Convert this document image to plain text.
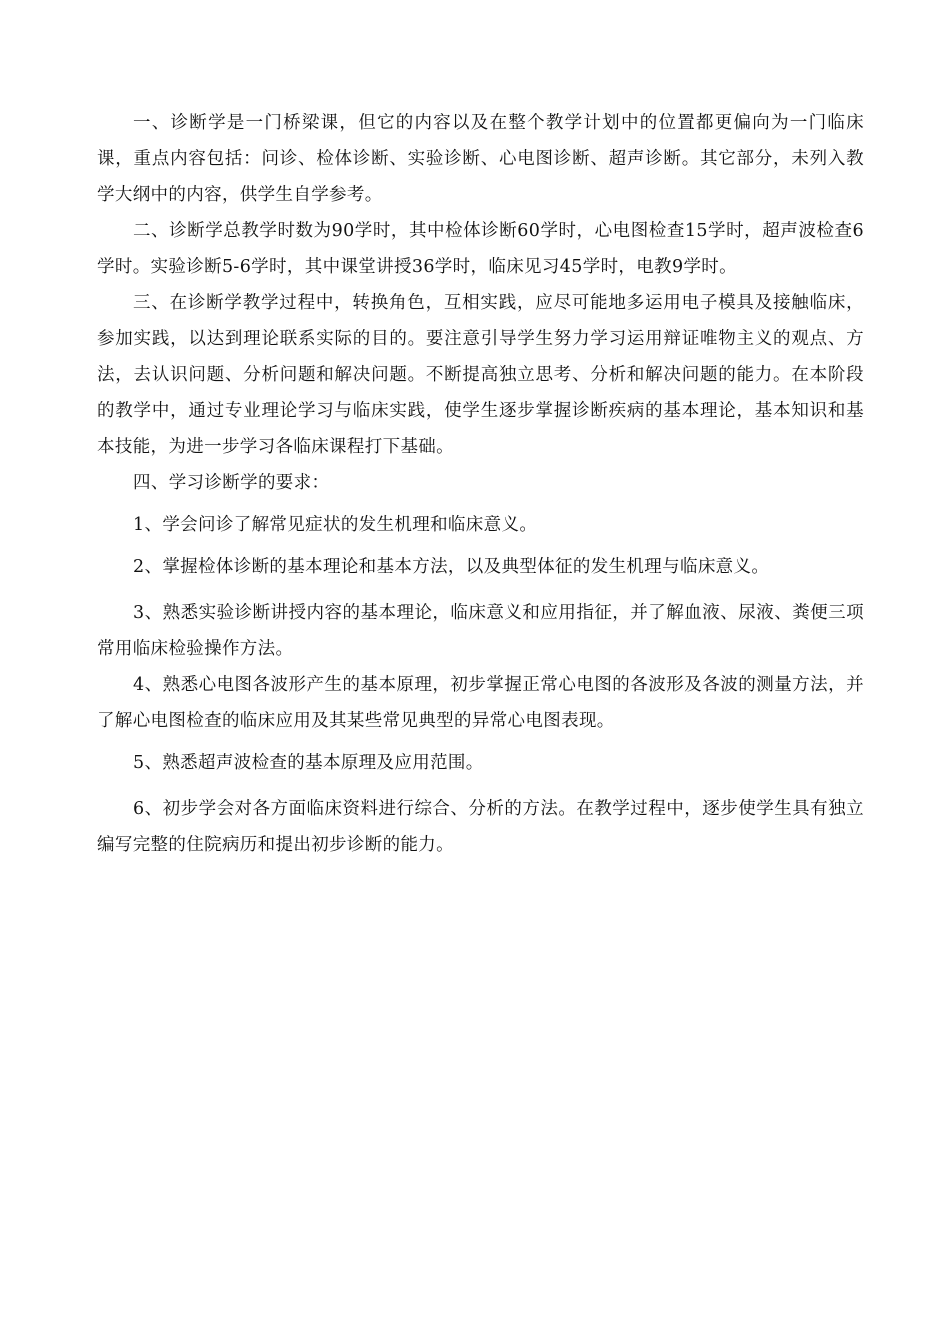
一、诊断学是一门桥梁课，但它的内容以及在整个教学计划中的位置都更偏向为一门临床课，重点内容包括：问诊、检体诊断、实验诊断、心电图诊断、超声诊断。其它部分，未列入教学大纲中的内容，供学生自学参考。

二、诊断学总教学时数为90学时，其中检体诊断60学时，心电图检查15学时，超声波检查6学时。实验诊断5-6学时，其中课堂讲授36学时，临床见习45学时，电教9学时。

三、在诊断学教学过程中，转换角色，互相实践，应尽可能地多运用电子模具及接触临床，参加实践，以达到理论联系实际的目的。要注意引导学生努力学习运用辩证唯物主义的观点、方法，去认识问题、分析问题和解决问题。不断提高独立思考、分析和解决问题的能力。在本阶段的教学中，通过专业理论学习与临床实践，使学生逐步掌握诊断疾病的基本理论，基本知识和基本技能，为进一步学习各临床课程打下基础。

四、学习诊断学的要求：

1、学会问诊了解常见症状的发生机理和临床意义。

2、掌握检体诊断的基本理论和基本方法，以及典型体征的发生机理与临床意义。

3、熟悉实验诊断讲授内容的基本理论，临床意义和应用指征，并了解血液、尿液、粪便三项常用临床检验操作方法。

4、熟悉心电图各波形产生的基本原理，初步掌握正常心电图的各波形及各波的测量方法，并了解心电图检查的临床应用及其某些常见典型的异常心电图表现。

5、熟悉超声波检查的基本原理及应用范围。

6、初步学会对各方面临床资料进行综合、分析的方法。在教学过程中，逐步使学生具有独立编写完整的住院病历和提出初步诊断的能力。
